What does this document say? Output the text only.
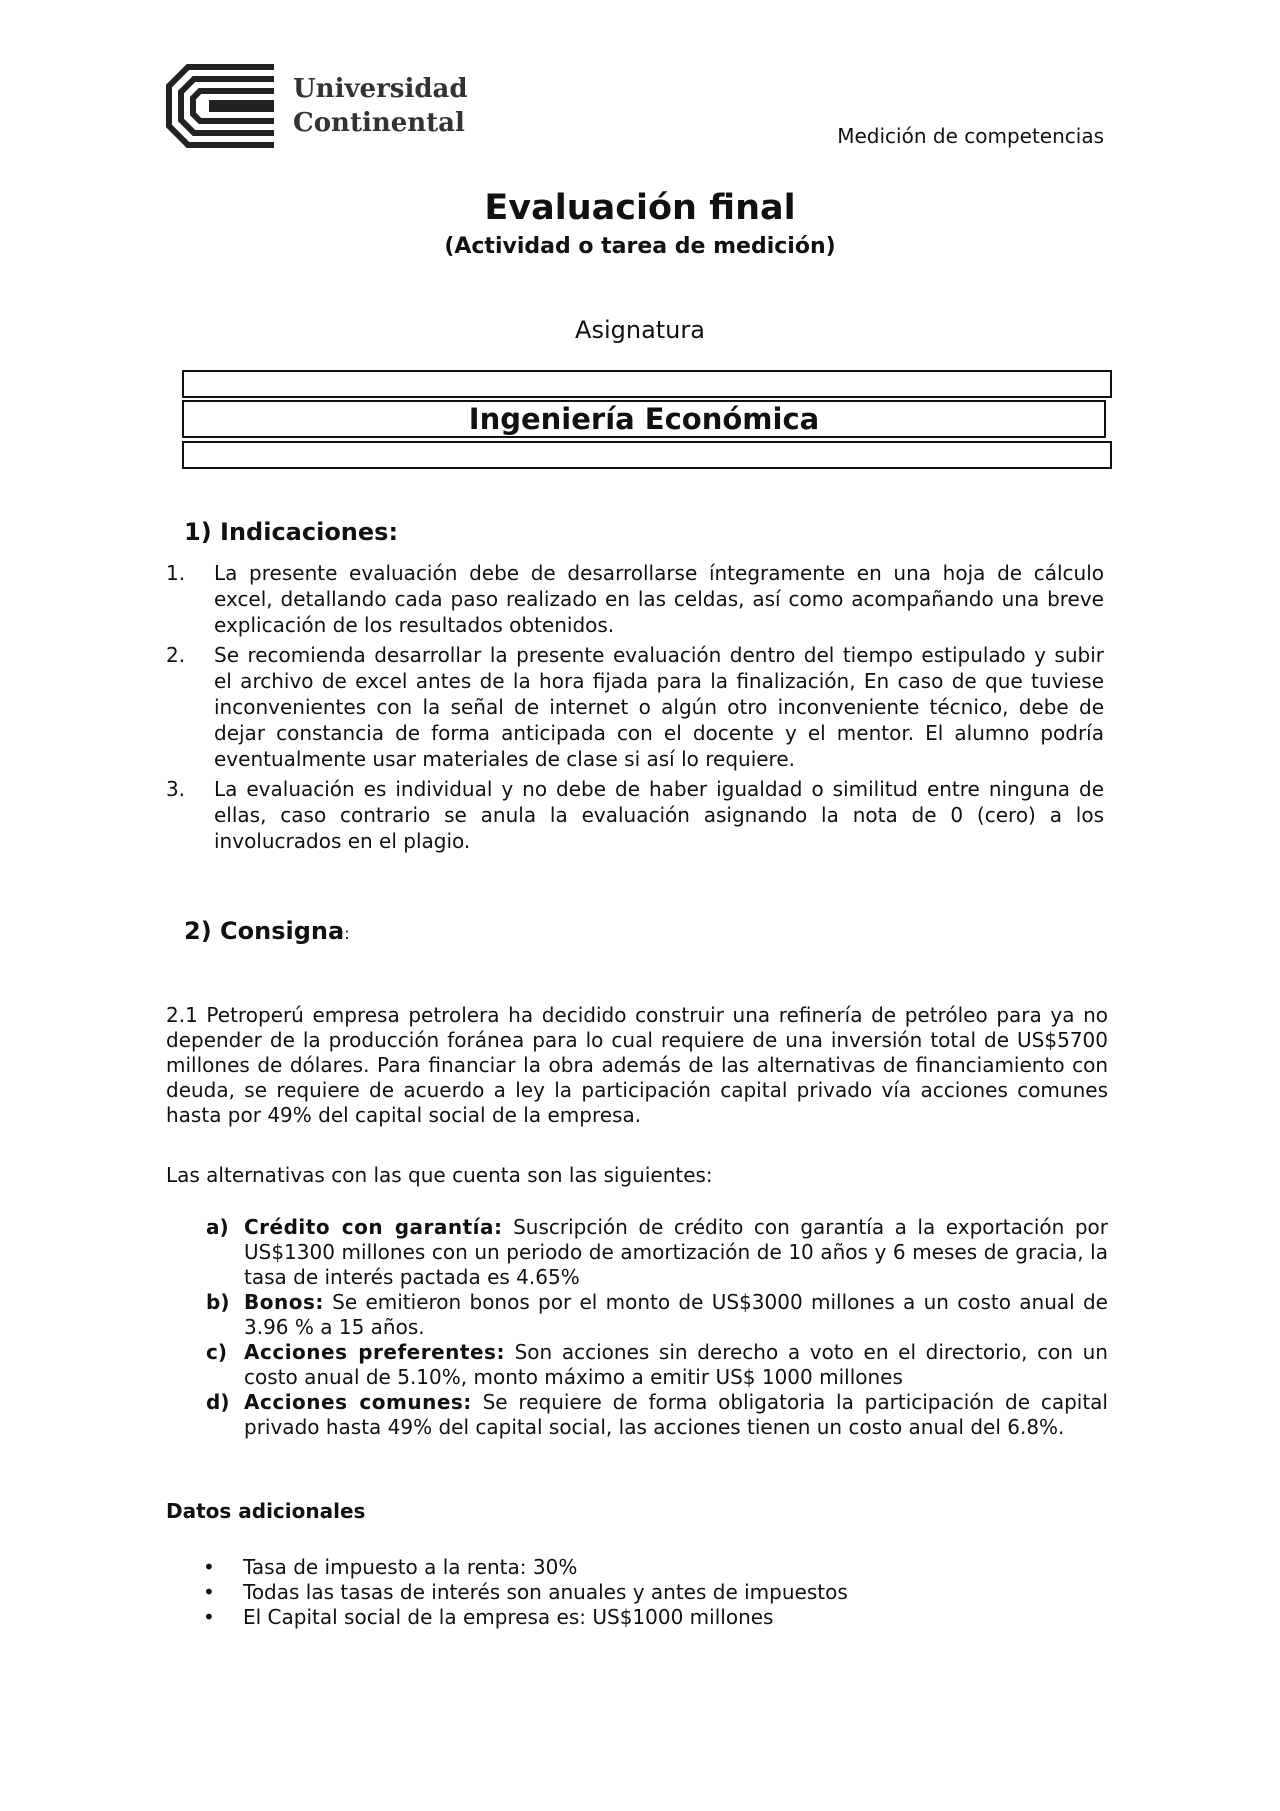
Universidad
Continental	Medición de competencias
Evaluación final
(Actividad o tarea de medición)
Asignatura
Ingeniería Económica
1) Indicaciones:
1.	La presente evaluación debe de desarrollarse íntegramente en una hoja de cálculo excel, detallando cada paso realizado en las celdas, así como acompañando una breve explicación de los resultados obtenidos.
2.	Se recomienda desarrollar la presente evaluación dentro del tiempo estipulado y subir el archivo de excel antes de la hora fijada para la finalización, En caso de que tuviese inconvenientes con la señal de internet o algún otro inconveniente técnico, debe de dejar constancia de forma anticipada con el docente y el mentor. El alumno podría eventualmente usar materiales de clase si así lo requiere.
3.	La evaluación es individual y no debe de haber igualdad o similitud entre ninguna de ellas, caso contrario se anula la evaluación asignando la nota de 0 (cero) a los involucrados en el plagio.
2) Consigna:

2.1 Petroperú empresa petrolera ha decidido construir una refinería de petróleo para ya no depender de la producción foránea para lo cual requiere de una inversión total de US$5700 millones de dólares. Para financiar la obra además de las alternativas de financiamiento con deuda, se requiere de acuerdo a ley la participación capital privado vía acciones comunes hasta por 49% del capital social de la empresa.

Las alternativas con las que cuenta son las siguientes:

a) Crédito con garantía: Suscripción de crédito con garantía a la exportación por US$1300 millones con un periodo de amortización de 10 años y 6 meses de gracia, la tasa de interés pactada es 4.65%
b) Bonos: Se emitieron bonos por el monto de US$3000 millones a un costo anual de 3.96 % a 15 años.
c) Acciones preferentes: Son acciones sin derecho a voto en el directorio, con un costo anual de 5.10%, monto máximo a emitir US$ 1000 millones
d) Acciones comunes: Se requiere de forma obligatoria la participación de capital privado hasta 49% del capital social, las acciones tienen un costo anual del 6.8%.
Datos adicionales
•	Tasa de impuesto a la renta: 30%
•	Todas las tasas de interés son anuales y antes de impuestos
•	El Capital social de la empresa es: US$1000 millones
